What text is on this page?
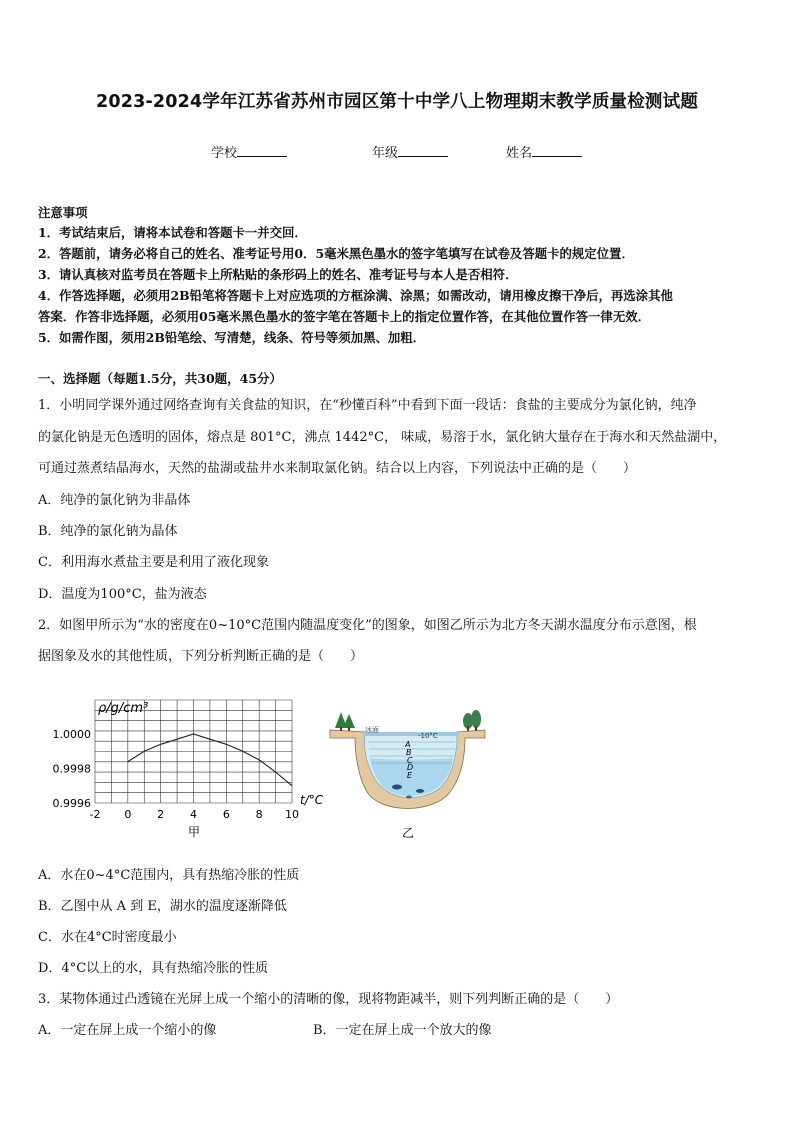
2023-2024学年江苏省苏州市园区第十中学八上物理期末教学质量检测试题
学校	年级	姓名
注意事项
1．考试结束后，请将本试卷和答题卡一并交回．
2．答题前，请务必将自己的姓名、准考证号用0．5毫米黑色墨水的签字笔填写在试卷及答题卡的规定位置．
3．请认真核对监考员在答题卡上所粘贴的条形码上的姓名、准考证号与本人是否相符．
4．作答选择题，必须用2B铅笔将答题卡上对应选项的方框涂满、涂黑；如需改动，请用橡皮擦干净后，再选涂其他
答案．作答非选择题，必须用05毫米黑色墨水的签字笔在答题卡上的指定位置作答，在其他位置作答一律无效．
5．如需作图，须用2B铅笔绘、写清楚，线条、符号等须加黑、加粗．
一、选择题（每题1.5分，共30题，45分）
1．小明同学课外通过网络查询有关食盐的知识，在“秒懂百科”中看到下面一段话：食盐的主要成分为氯化钠，纯净
的氯化钠是无色透明的固体，熔点是 801°C，沸点 1442°C， 味咸，易溶于水，氯化钠大量存在于海水和天然盐湖中，
可通过蒸煮结晶海水，天然的盐湖或盐井水来制取氯化钠。结合以上内容，下列说法中正确的是（　　）
A．纯净的氯化钠为非晶体
B．纯净的氯化钠为晶体
C．利用海水煮盐主要是利用了液化现象
D．温度为100°C，盐为液态
2．如图甲所示为“水的密度在0~10°C范围内随温度变化”的图象，如图乙所示为北方冬天湖水温度分布示意图，根
据图象及水的其他性质，下列分析判断正确的是（　　）
1.0000
0.9998
0.9996
-2 0 2 4 6 8 10
ρ/g/cm³
t/°C
甲
冰面
-10°C
A
B
C
D
E
乙
A．水在0~4°C范围内，具有热缩冷胀的性质
B．乙图中从 A 到 E，湖水的温度逐渐降低
C．水在4°C时密度最小
D．4°C以上的水，具有热缩冷胀的性质
3．某物体通过凸透镜在光屏上成一个缩小的清晰的像，现将物距减半，则下列判断正确的是（　　）
A．一定在屏上成一个缩小的像	B．一定在屏上成一个放大的像
